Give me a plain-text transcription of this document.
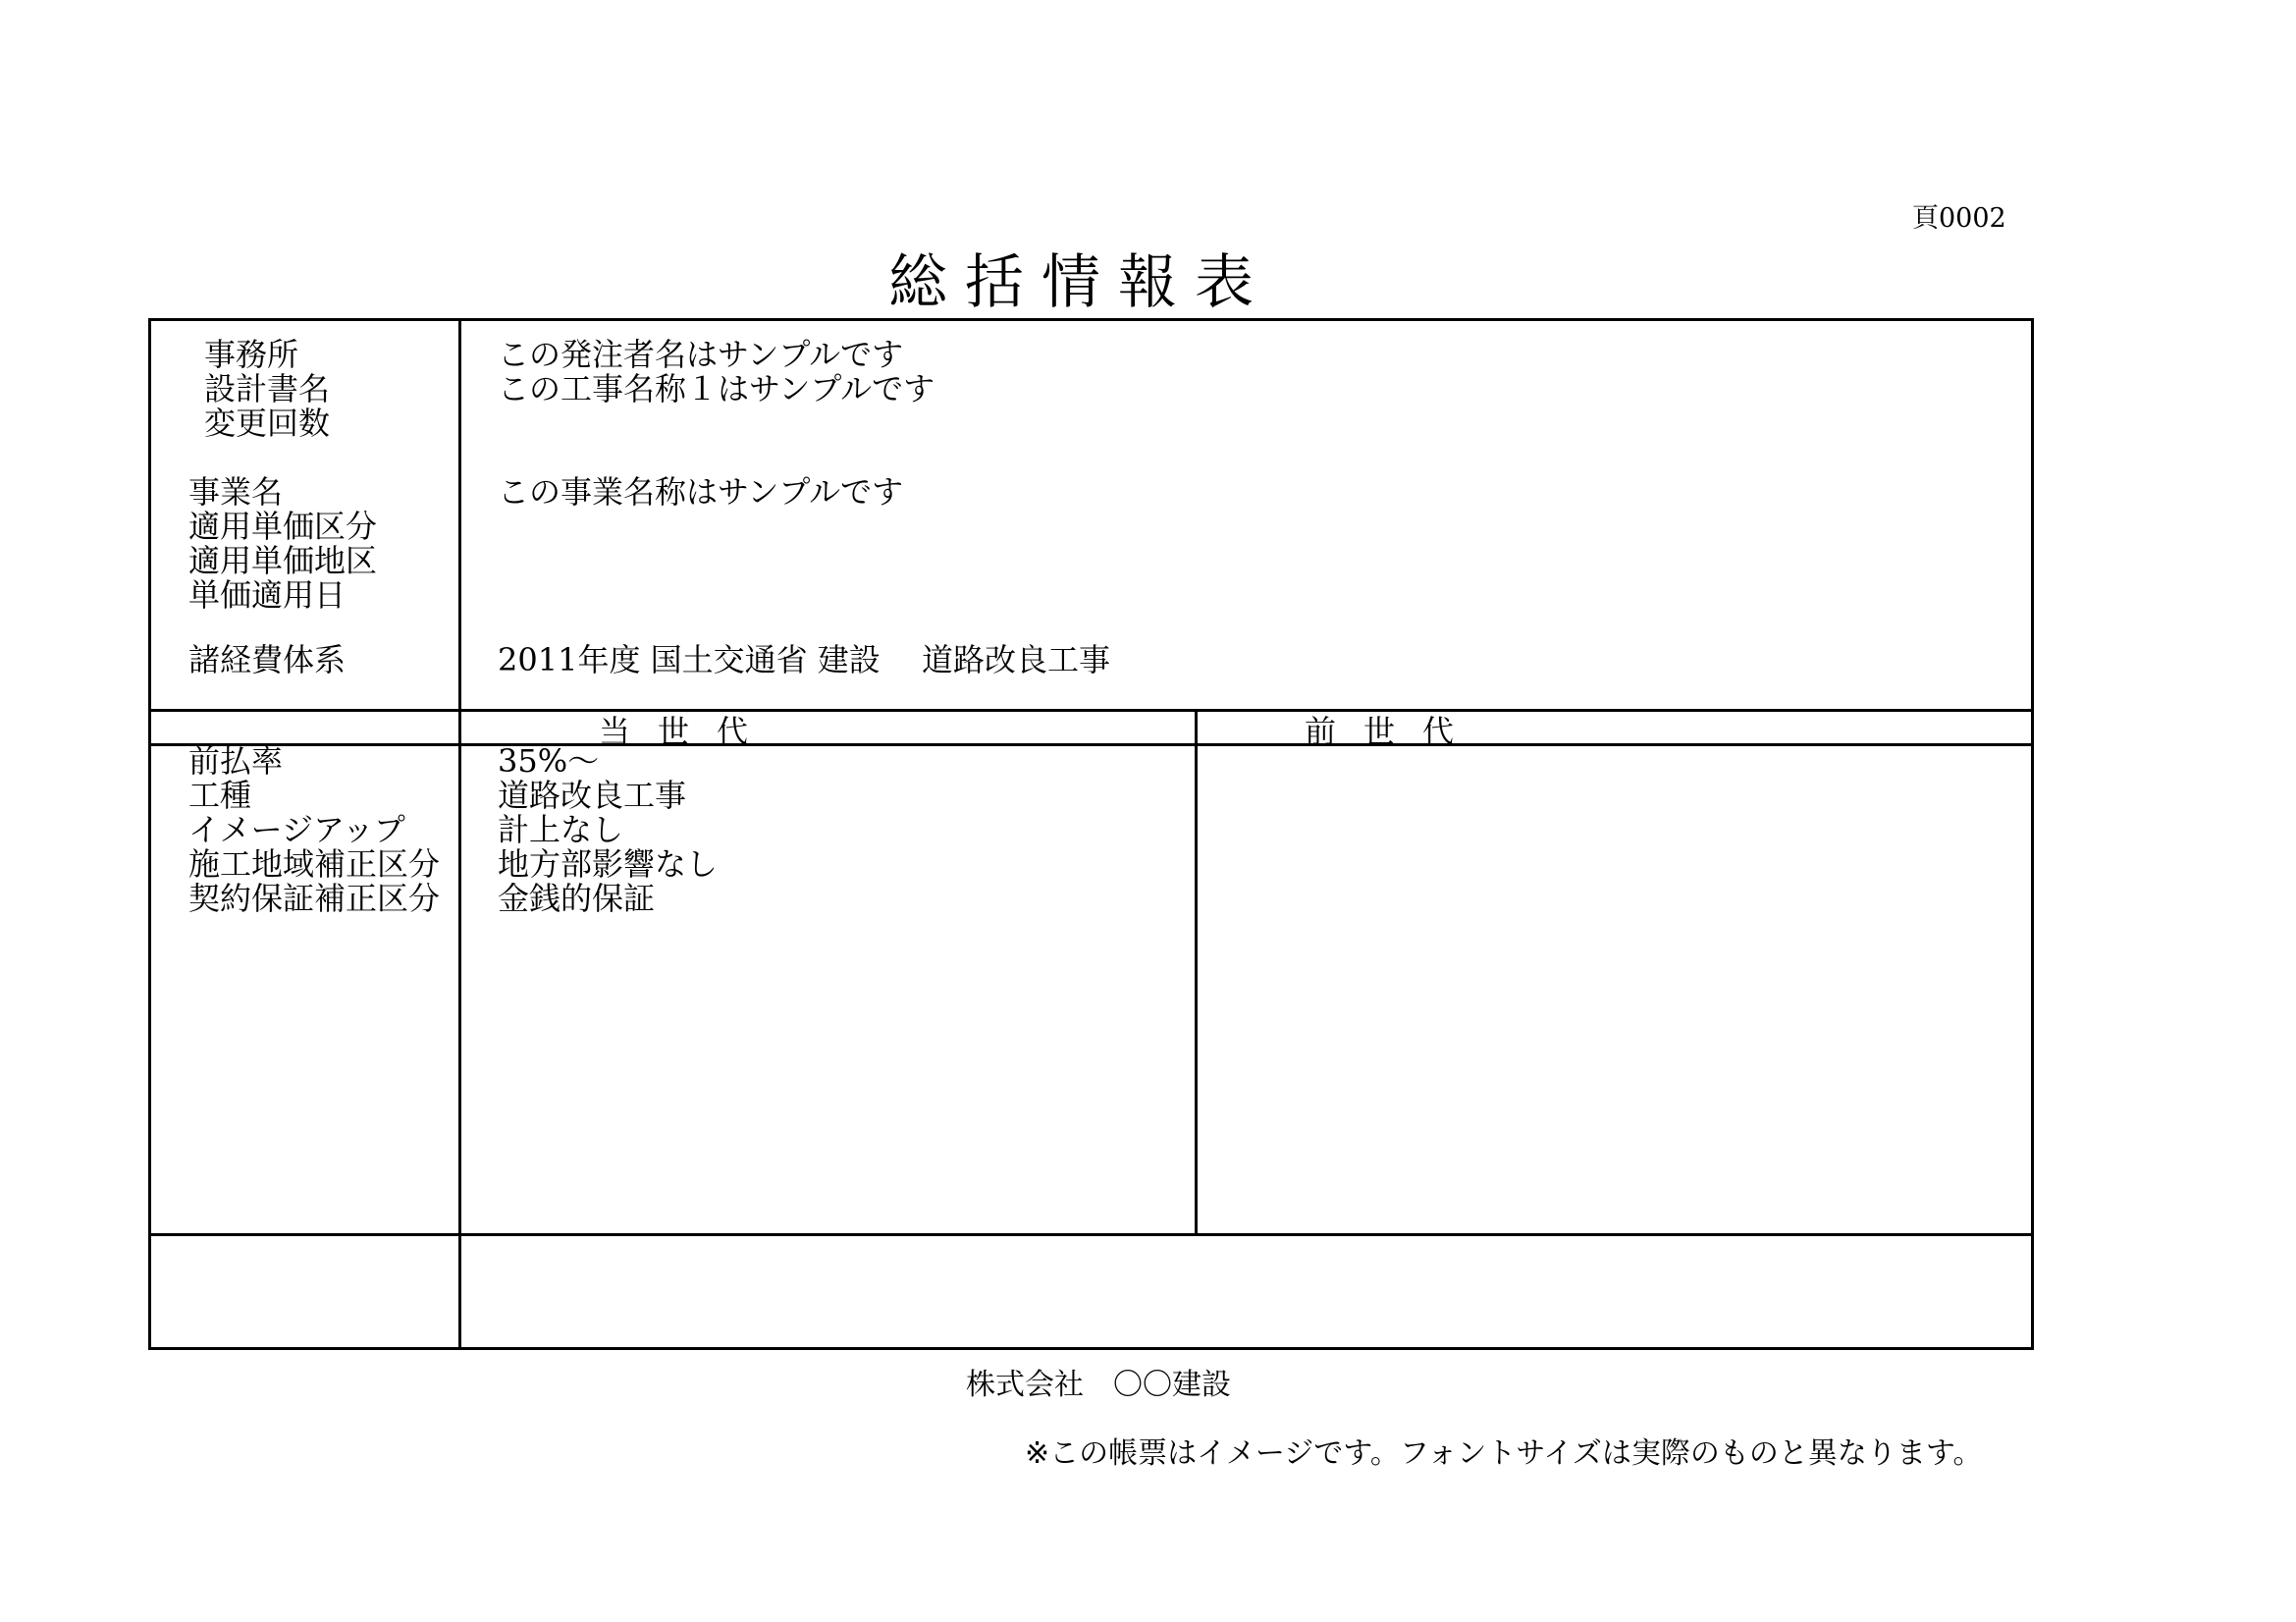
頁0002
総括情報表
事務所
設計書名
変更回数
この発注者名はサンプルです
この工事名称１はサンプルです
事業名
適用単価区分
適用単価地区
単価適用日
この事業名称はサンプルです
諸経費体系	2011年度 国土交通省 建設　 道路改良工事
当世代	前世代
前払率
工種
イメージアップ
施工地域補正区分
契約保証補正区分
35%～
道路改良工事
計上なし
地方部影響なし
金銭的保証
株式会社　〇〇建設
※この帳票はイメージです。フォントサイズは実際のものと異なります。
